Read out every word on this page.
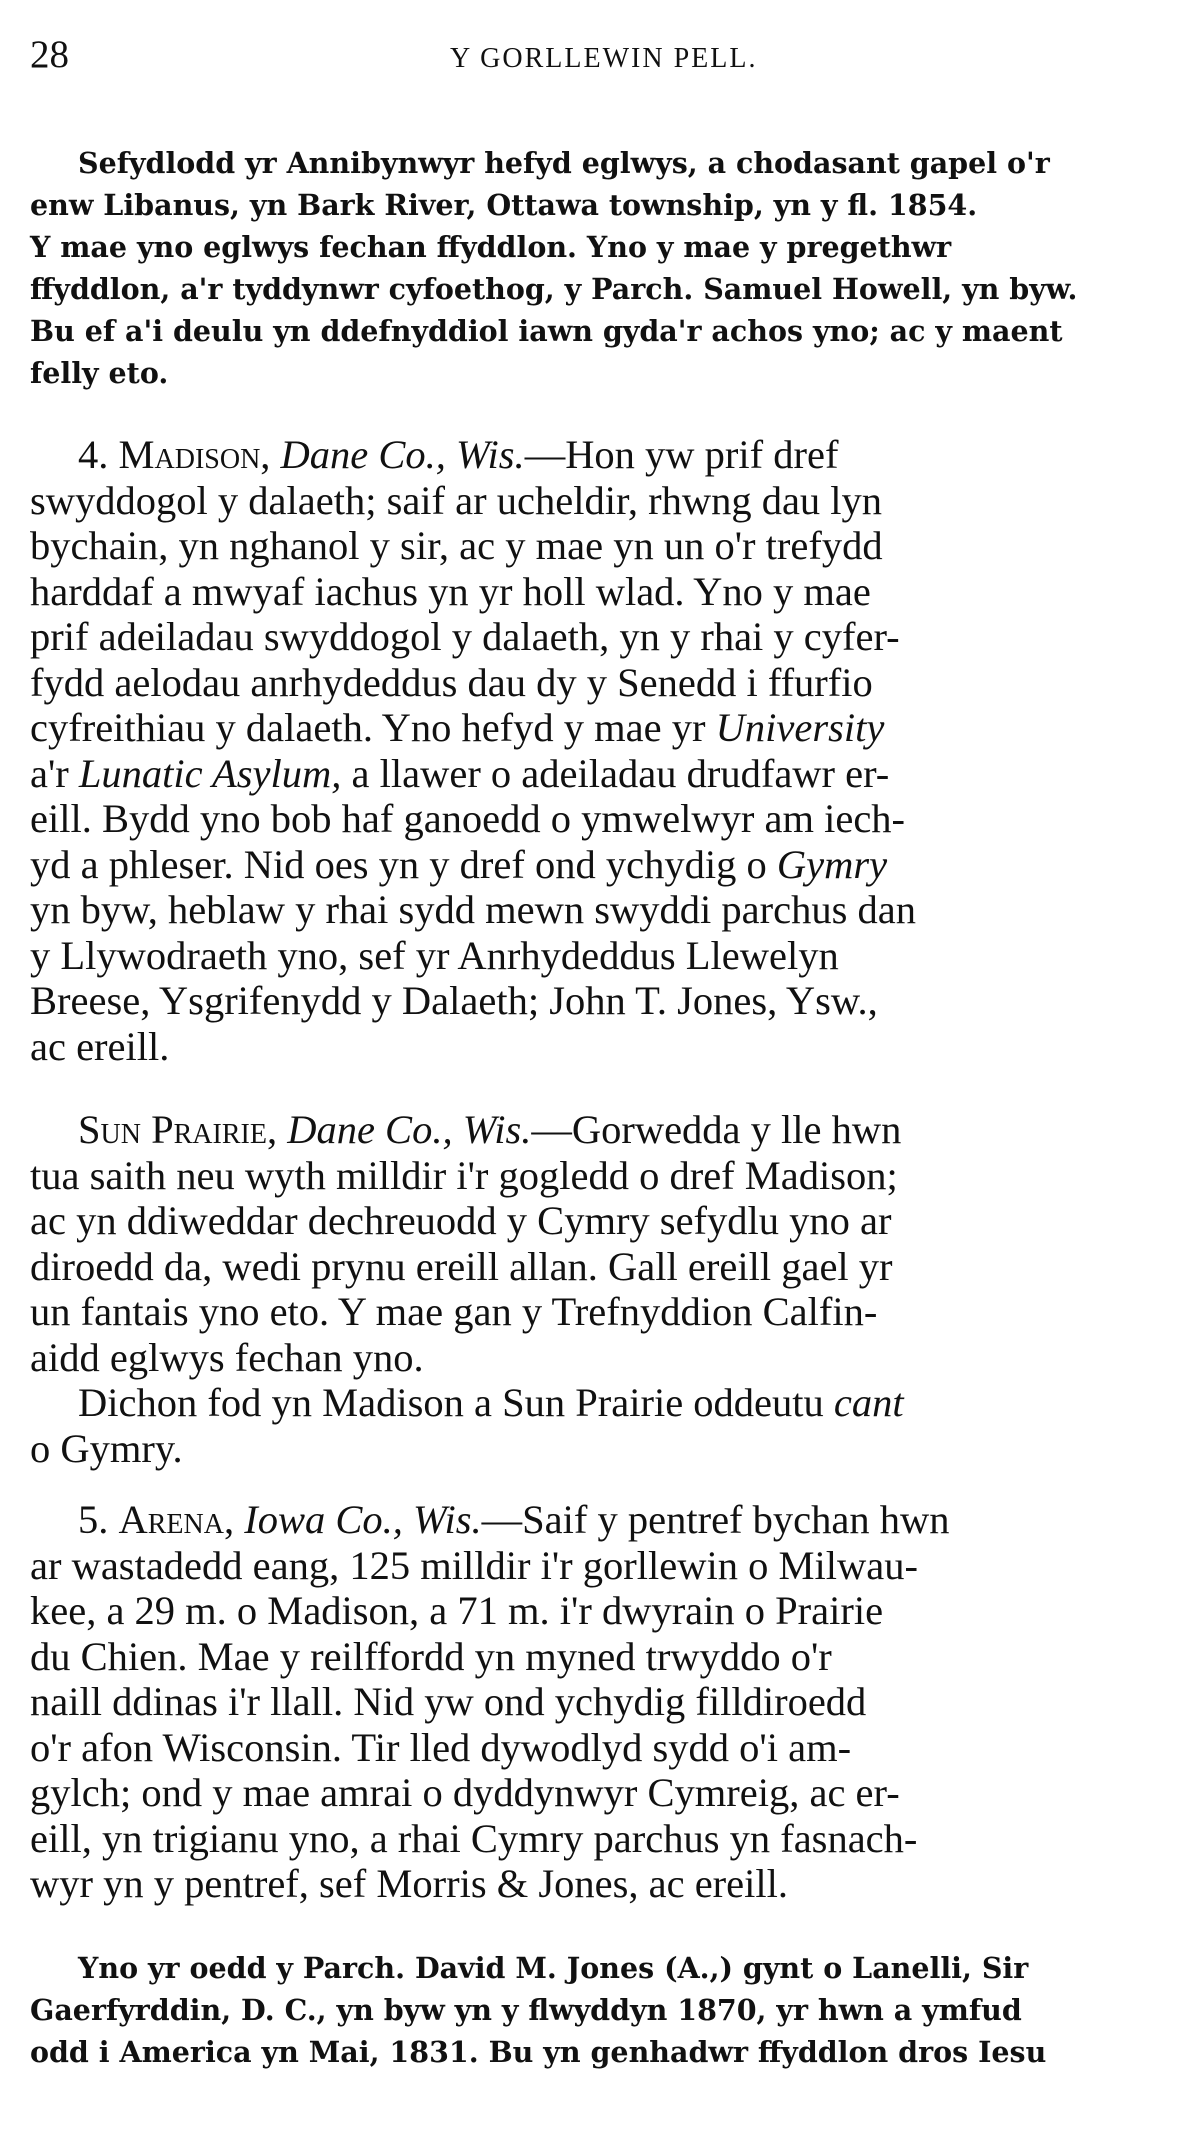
28	Y GORLLEWIN PELL.

Sefydlodd yr Annibynwyr hefyd eglwys, a chodasant gapel o'r
enw Libanus, yn Bark River, Ottawa township, yn y fl. 1854.
Y mae yno eglwys fechan ffyddlon. Yno y mae y pregethwr
ffyddlon, a'r tyddynwr cyfoethog, y Parch. Samuel Howell, yn byw.
Bu ef a'i deulu yn ddefnyddiol iawn gyda'r achos yno; ac y maent
felly eto.

4. Madison, Dane Co., Wis.—Hon yw prif dref
swyddogol y dalaeth; saif ar ucheldir, rhwng dau lyn
bychain, yn nghanol y sir, ac y mae yn un o'r trefydd
harddaf a mwyaf iachus yn yr holl wlad. Yno y mae
prif adeiladau swyddogol y dalaeth, yn y rhai y cyfer-
fydd aelodau anrhydeddus dau dy y Senedd i ffurfio
cyfreithiau y dalaeth. Yno hefyd y mae yr University
a'r Lunatic Asylum, a llawer o adeiladau drudfawr er-
eill. Bydd yno bob haf ganoedd o ymwelwyr am iech-
yd a phleser. Nid oes yn y dref ond ychydig o Gymry
yn byw, heblaw y rhai sydd mewn swyddi parchus dan
y Llywodraeth yno, sef yr Anrhydeddus Llewelyn
Breese, Ysgrifenydd y Dalaeth; John T. Jones, Ysw.,
ac ereill.

Sun Prairie, Dane Co., Wis.—Gorwedda y lle hwn
tua saith neu wyth milldir i'r gogledd o dref Madison;
ac yn ddiweddar dechreuodd y Cymry sefydlu yno ar
diroedd da, wedi prynu ereill allan. Gall ereill gael yr
un fantais yno eto. Y mae gan y Trefnyddion Calfin-
aidd eglwys fechan yno.
Dichon fod yn Madison a Sun Prairie oddeutu cant
o Gymry.

5. Arena, Iowa Co., Wis.—Saif y pentref bychan hwn
ar wastadedd eang, 125 milldir i'r gorllewin o Milwau-
kee, a 29 m. o Madison, a 71 m. i'r dwyrain o Prairie
du Chien. Mae y reilffordd yn myned trwyddo o'r
naill ddinas i'r llall. Nid yw ond ychydig filldiroedd
o'r afon Wisconsin. Tir lled dywodlyd sydd o'i am-
gylch; ond y mae amrai o dyddynwyr Cymreig, ac er-
eill, yn trigianu yno, a rhai Cymry parchus yn fasnach-
wyr yn y pentref, sef Morris & Jones, ac ereill.

Yno yr oedd y Parch. David M. Jones (A.,) gynt o Lanelli, Sir
Gaerfyrddin, D. C., yn byw yn y flwyddyn 1870, yr hwn a ymfud
odd i America yn Mai, 1831. Bu yn genhadwr ffyddlon dros Iesu
